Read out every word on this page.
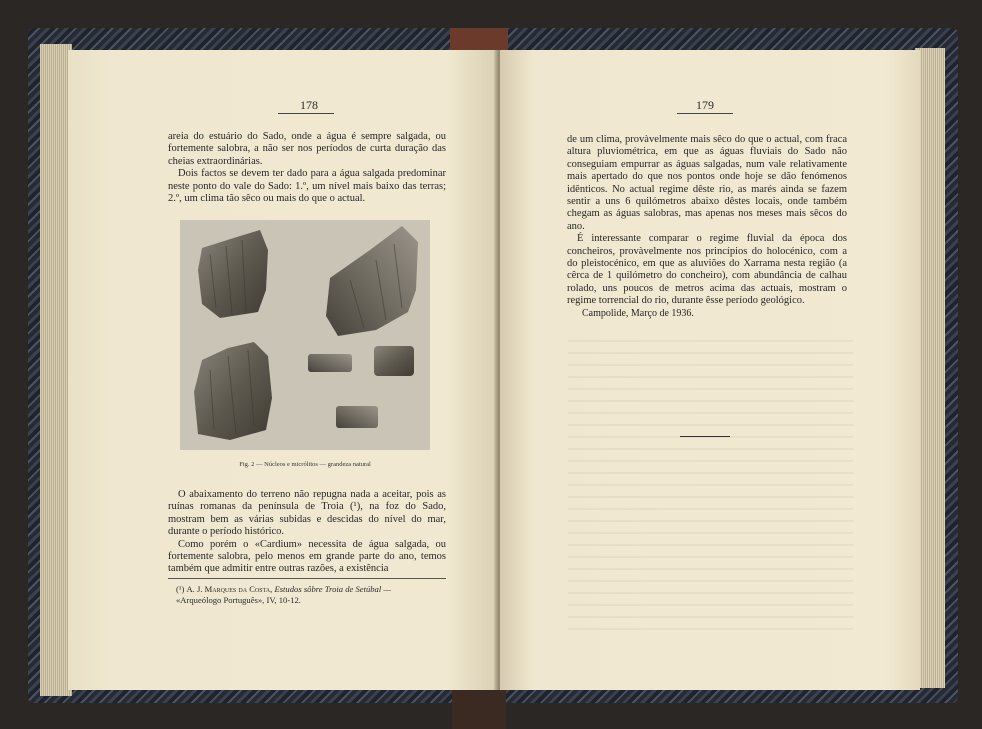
178

areia do estuário do Sado, onde a água é sempre salgada, ou fortemente salobra, a não ser nos períodos de curta duração das cheias extraordinárias.

Dois factos se devem ter dado para a água salgada predominar neste ponto do vale do Sado: 1.º, um nível mais baixo das terras; 2.º, um clima tão sêco ou mais do que o actual.

Fig. 2 — Núcleos e micrólitos — grandeza natural

O abaixamento do terreno não repugna nada a aceitar, pois as ruínas romanas da península de Troia (¹), na foz do Sado, mostram bem as várias subidas e descidas do nível do mar, durante o período histórico.

Como porém o «Cardium» necessita de água salgada, ou fortemente salobra, pelo menos em grande parte do ano, temos também que admitir entre outras razões, a existência

(¹) A. J. Marques da Costa, Estudos sôbre Troia de Setúbal —
«Arqueólogo Português», IV, 10-12.
179

de um clima, provàvelmente mais sêco do que o actual, com fraca altura pluviométrica, em que as águas fluviais do Sado não conseguiam empurrar as águas salgadas, num vale relativamente mais apertado do que nos pontos onde hoje se dão fenómenos idênticos. No actual regime dêste rio, as marés ainda se fazem sentir a uns 6 quilómetros abaixo dêstes locais, onde também chegam as águas salobras, mas apenas nos meses mais sêcos do ano.

É interessante comparar o regime fluvial da época dos concheiros, provàvelmente nos princípios do holocénico, com a do pleistocénico, em que as aluviões do Xarrama nesta região (a cêrca de 1 quilómetro do concheiro), com abundância de calhau rolado, uns poucos de metros acima das actuais, mostram o regime torrencial do rio, durante êsse período geológico.

Campolide, Março de 1936.
